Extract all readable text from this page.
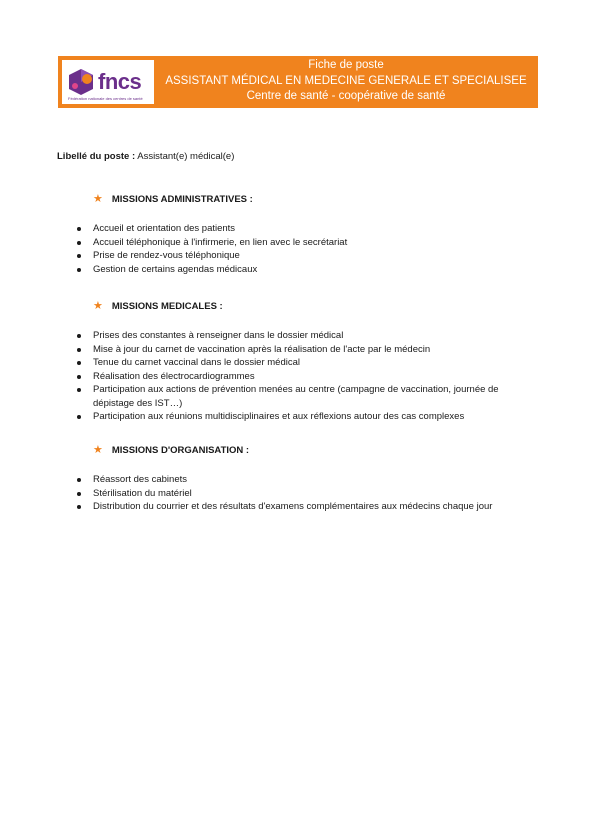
fncs
Fédération nationale des centres de santé
Fiche de poste
ASSISTANT MÉDICAL EN MEDECINE GENERALE ET SPECIALISEE
Centre de santé - coopérative de santé
Libellé du poste : Assistant(e) médical(e)
★ MISSIONS ADMINISTRATIVES :
Accueil et orientation des patients
Accueil téléphonique à l'infirmerie, en lien avec le secrétariat
Prise de rendez-vous téléphonique
Gestion de certains agendas médicaux
★ MISSIONS MEDICALES :
Prises des constantes à renseigner dans le dossier médical
Mise à jour du carnet de vaccination après la réalisation de l'acte par le médecin
Tenue du carnet vaccinal dans le dossier médical
Réalisation des électrocardiogrammes
Participation aux actions de prévention menées au centre (campagne de vaccination, journée de dépistage des IST…)
Participation aux réunions multidisciplinaires et aux réflexions autour des cas complexes
★ MISSIONS D'ORGANISATION :
Réassort des cabinets
Stérilisation du matériel
Distribution du courrier et des résultats d'examens complémentaires aux médecins chaque jour
